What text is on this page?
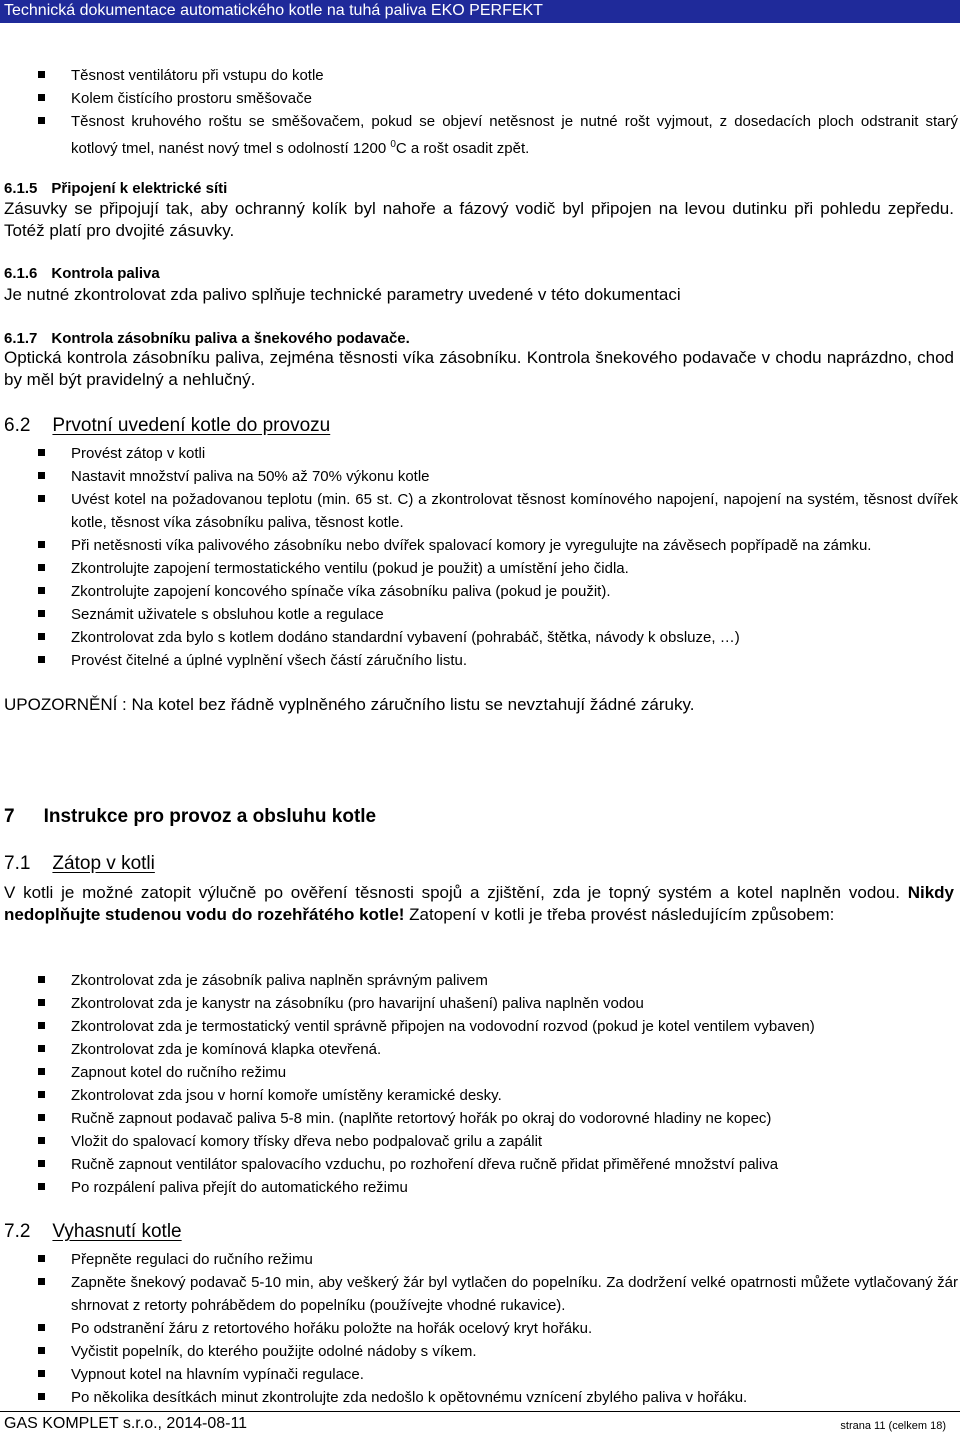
Technická dokumentace automatického kotle na tuhá paliva EKO PERFEKT
Těsnost ventilátoru při vstupu do kotle
Kolem čistícího prostoru směšovače
Těsnost kruhového roštu se směšovačem, pokud se objeví netěsnost je nutné rošt vyjmout, z dosedacích ploch odstranit starý kotlový tmel, nanést nový tmel s odolností 1200 $^0$C a rošt osadit zpět.
6.1.5 Připojení k elektrické síti
Zásuvky se připojují tak, aby ochranný kolík byl nahoře a fázový vodič byl připojen na levou dutinku při pohledu zepředu. Totéž platí pro dvojité zásuvky.
6.1.6 Kontrola paliva
Je nutné zkontrolovat zda palivo splňuje technické parametry uvedené v této dokumentaci
6.1.7 Kontrola zásobníku paliva a šnekového podavače.
Optická kontrola zásobníku paliva, zejména těsnosti víka zásobníku. Kontrola šnekového podavače v chodu naprázdno, chod by měl být pravidelný a nehlučný.
6.2 Prvotní uvedení kotle do provozu
Provést zátop v kotli
Nastavit množství paliva na 50% až 70% výkonu kotle
Uvést kotel na požadovanou teplotu (min. 65 st. C) a zkontrolovat těsnost komínového napojení, napojení na systém, těsnost dvířek kotle, těsnost víka zásobníku paliva, těsnost kotle.
Při netěsnosti víka palivového zásobníku nebo dvířek spalovací komory je vyregulujte na závěsech popřípadě na zámku.
Zkontrolujte zapojení termostatického ventilu (pokud je použit) a umístění jeho čidla.
Zkontrolujte zapojení koncového spínače víka zásobníku paliva (pokud je použit).
Seznámit uživatele s obsluhou kotle a regulace
Zkontrolovat zda bylo s kotlem dodáno standardní vybavení (pohrabáč, štětka, návody k obsluze, …)
Provést čitelné a úplné vyplnění všech částí záručního listu.
UPOZORNĚNÍ : Na kotel bez řádně vyplněného záručního listu se nevztahují žádné záruky.
7 Instrukce pro provoz a obsluhu kotle
7.1 Zátop v kotli
V kotli je možné zatopit výlučně po ověření těsnosti spojů a zjištění, zda je topný systém a kotel naplněn vodou. Nikdy nedoplňujte studenou vodu do rozehřátého kotle! Zatopení v kotli je třeba provést následujícím způsobem:
Zkontrolovat zda je zásobník paliva naplněn správným palivem
Zkontrolovat zda je kanystr na zásobníku (pro havarijní uhašení) paliva naplněn vodou
Zkontrolovat zda je termostatický ventil správně připojen na vodovodní rozvod (pokud je kotel ventilem vybaven)
Zkontrolovat zda je komínová klapka otevřená.
Zapnout kotel do ručního režimu
Zkontrolovat zda jsou v horní komoře umístěny keramické desky.
Ručně zapnout podavač paliva 5-8 min. (naplňte retortový hořák po okraj do vodorovné hladiny ne kopec)
Vložit do spalovací komory třísky dřeva nebo podpalovač grilu a zapálit
Ručně zapnout ventilátor spalovacího vzduchu, po rozhoření dřeva ručně přidat přiměřené množství paliva
Po rozpálení paliva přejít do automatického režimu
7.2 Vyhasnutí kotle
Přepněte regulaci do ručního režimu
Zapněte šnekový podavač 5-10 min, aby veškerý žár byl vytlačen do popelníku. Za dodržení velké opatrnosti můžete vytlačovaný žár shrnovat z retorty pohrábědem do popelníku (používejte vhodné rukavice).
Po odstranění žáru z retortového hořáku položte na hořák ocelový kryt hořáku.
Vyčistit popelník, do kterého použijte odolné nádoby s víkem.
Vypnout kotel na hlavním vypínači regulace.
Po několika desítkách minut zkontrolujte zda nedošlo k opětovnému vznícení zbylého paliva v hořáku.
GAS KOMPLET s.r.o., 2014-08-11	strana 11 (celkem 18)
